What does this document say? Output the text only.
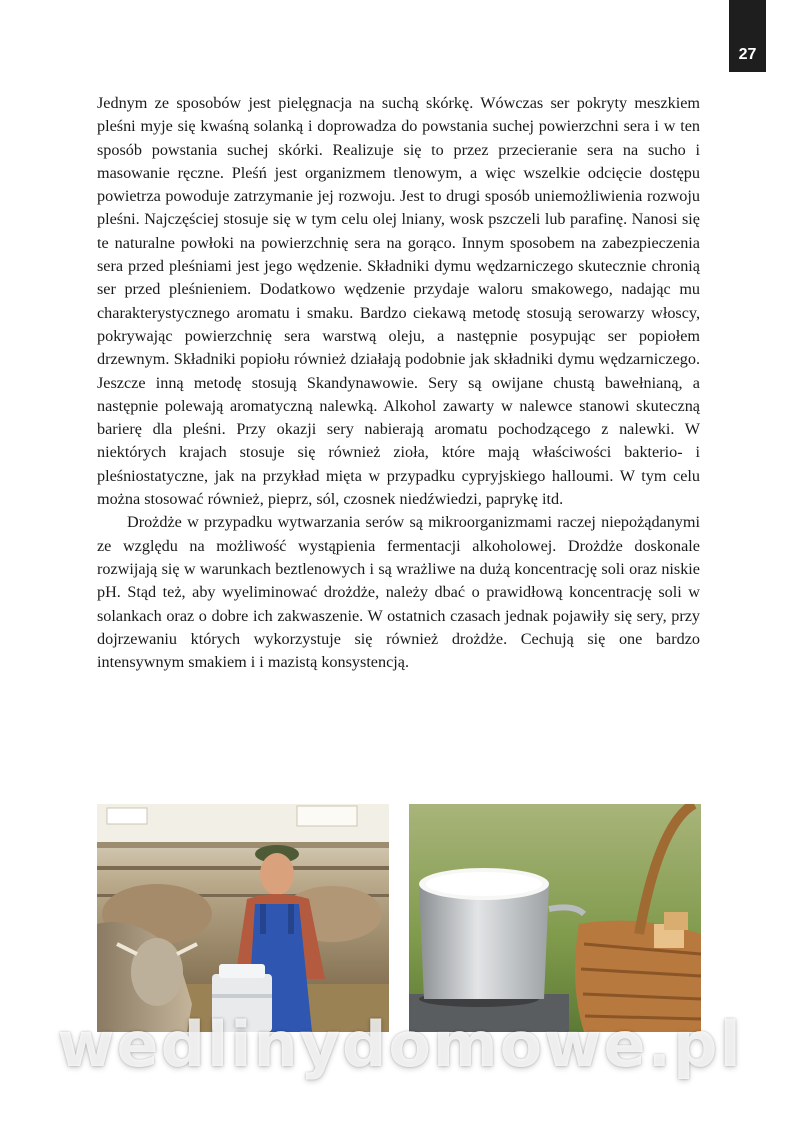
27

Jednym ze sposobów jest pielęgnacja na suchą skórkę. Wówczas ser pokryty meszkiem pleśni myje się kwaśną solanką i doprowadza do powstania suchej powierzchni sera i w ten sposób powstania suchej skórki. Realizuje się to przez przecieranie sera na sucho i masowanie ręczne. Pleśń jest organizmem tlenowym, a więc wszelkie odcięcie dostępu powietrza powoduje zatrzymanie jej rozwoju. Jest to drugi sposób uniemożliwienia rozwoju pleśni. Najczęściej stosuje się w tym celu olej lniany, wosk pszczeli lub parafinę. Nanosi się te naturalne powłoki na powierzchnię sera na gorąco. Innym sposobem na zabezpieczenia sera przed pleśniami jest jego wędzenie. Składniki dymu wędzarniczego skutecznie chronią ser przed pleśnieniem. Dodatkowo wędzenie przydaje waloru smakowego, nadając mu charakterystycznego aromatu i smaku. Bardzo ciekawą metodę stosują serowarzy włoscy, pokrywając powierzchnię sera warstwą oleju, a następnie posypując ser popiołem drzewnym. Składniki popiołu również działają podobnie jak składniki dymu wędzarniczego. Jeszcze inną metodę stosują Skandynawowie. Sery są owijane chustą bawełnianą, a następnie polewają aromatyczną nalewką. Alkohol zawarty w nalewce stanowi skuteczną barierę dla pleśni. Przy okazji sery nabierają aromatu pochodzącego z nalewki. W niektórych krajach stosuje się również zioła, które mają właściwości bakterio- i pleśniostatyczne, jak na przykład mięta w przypadku cypryjskiego halloumi. W tym celu można stosować również, pieprz, sól, czosnek niedźwiedzi, paprykę itd.

Drożdże w przypadku wytwarzania serów są mikroorganizmami raczej niepożądanymi ze względu na możliwość wystąpienia fermentacji alkoholowej. Drożdże doskonale rozwijają się w warunkach beztlenowych i są wrażliwe na dużą koncentrację soli oraz niskie pH. Stąd też, aby wyeliminować drożdże, należy dbać o prawidłową koncentrację soli w solankach oraz o dobre ich zakwaszenie. W ostatnich czasach jednak pojawiły się sery, przy dojrzewaniu których wykorzystuje się również drożdże. Cechują się one bardzo intensywnym smakiem i i mazistą konsystencją.

wedlinydomowe.pl
